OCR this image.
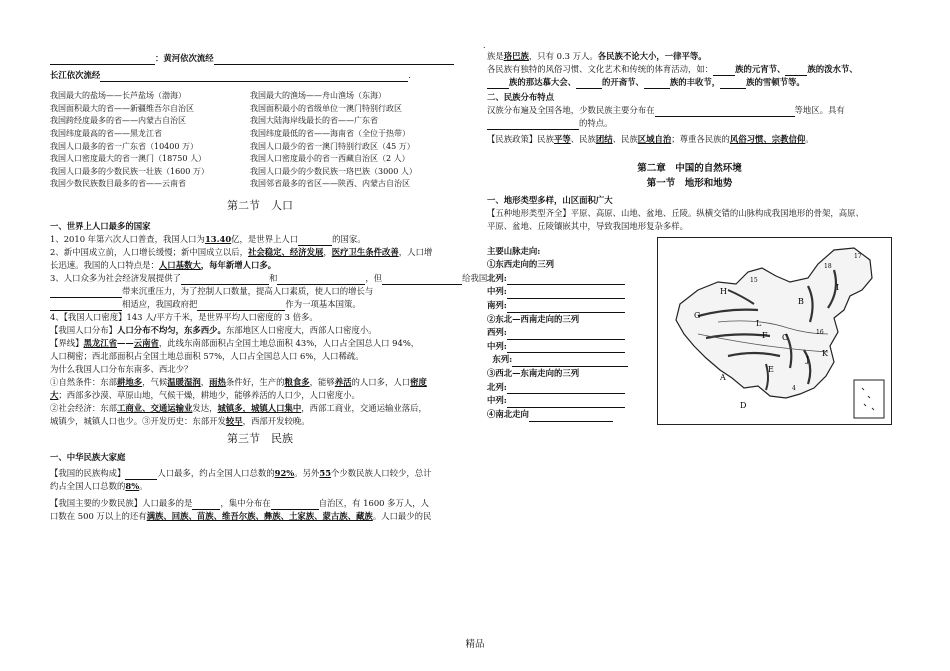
.
：黄河依次流经
长江依次流经	.
我国最大的盐场——长芦盐场（渤海）	我国最大的渔场——舟山渔场（东海）
我国面积最大的省——新疆维吾尔自治区	我国面积最小的省级单位一澳门特别行政区
我国跨经度最多的省——内蒙古自治区	我国大陆海岸线最长的省——广东省
我国纬度最高的省——黑龙江省	我国纬度最低的省——海南省（全位于热带）
我国人口最多的省一广东省（10400 万）	我国人口最少的省一澳门特别行政区（45 万）
我国人口密度最大的省一澳门（18750 人）	我国人口密度最小的省一西藏自治区（2 人）
我国人口最多的少数民族一壮族（1600 万）	我国人口最少的少数民族一珞巴族（3000 人）
我国少数民族数目最多的省——云南省	我国邻省最多的省区——陕西、内蒙古自治区
第二节　人口
一、世界上人口最多的国家
1、2010 年第六次人口普查，我国人口为13.40亿，是世界上人口	的国家。
2、新中国成立前，人口增长缓慢；新中国成立以后，社会稳定、经济发展，医疗卫生条件改善，人口增
长迅速。我国的人口特点是：人口基数大，每年新增人口多。
3、人口众多为社会经济发展提供了	和	，但	给我国
带来沉重压力，为了控制人口数量，提高人口素质，使人口的增长与
相适应，我国政府把	作为一项基本国策。
4、【我国人口密度】143 人/平方千米，是世界平均人口密度的 3 倍多。
【我国人口分布】人口分布不均匀，东多西少。东部地区人口密度大，西部人口密度小。
【界线】黑龙江省——云南省，此线东南部面积占全国土地总面积 43%，人口占全国总人口 94%，
人口稠密；西北部面积占全国土地总面积 57%，人口占全国总人口 6%，人口稀疏。
为什么我国人口分布东南多、西北少？
①自然条件：东部耕地多，气候温暖湿润，雨热条件好，生产的粮食多，能够养活的人口多，人口密度
大；西部多沙漠、草原山地，气候干燥，耕地少，能够养活的人口少，人口密度小。
②社会经济：东部工商业、交通运输业发达，城镇多，城镇人口集中，西部工商业，交通运输业落后，
城镇少，城镇人口也少。③开发历史：东部开发较早，西部开发较晚。
第三节　民族
一、中华民族大家庭
【我国的民族构成】	人口最多，约占全国人口总数的92%。另外55个少数民族人口较少，总计
约占全国人口总数的8%。
【我国主要的少数民族】人口最多的是	，集中分布在	自治区，有 1600 多万人，人
口数在 500 万以上的还有满族、回族、苗族、维吾尔族、彝族、土家族、蒙古族、藏族。人口最少的民
族是珞巴族，只有 0.3 万人。各民族不论大小，一律平等。
各民族有独特的风俗习惯、文化艺术和传统的体育活动，如：	族的元宵节、	族的泼水节、
族的那达慕大会、	的开斋节、	族的丰收节，	族的雪顿节等。
二、民族分布特点
汉族分布遍及全国各地，少数民族主要分布在	等地区。具有
的特点。
【民族政策】民族平等、民族团结、民族区域自治；尊重各民族的风俗习惯、宗教信仰。
第二章　中国的自然环境
第一节　地形和地势
一、地形类型多样，山区面积广大
【五种地形类型齐全】平原、高原、山地、盆地、丘陵。纵横交错的山脉构成我国地形的骨架，高原、
平原、盆地、丘陵镶嵌其中，导致我国地形复杂多样。
主要山脉走向:
①东西走向的三列
北列:
中列:
南列:
②东北—西南走向的三列
西列:
中列:
东列:
③西北—东南走向的三列
北列:
中列:
④南北走向
A
B
C
D
E
F
G
H	I
J
K
L
15
16
17
18
4
精品
